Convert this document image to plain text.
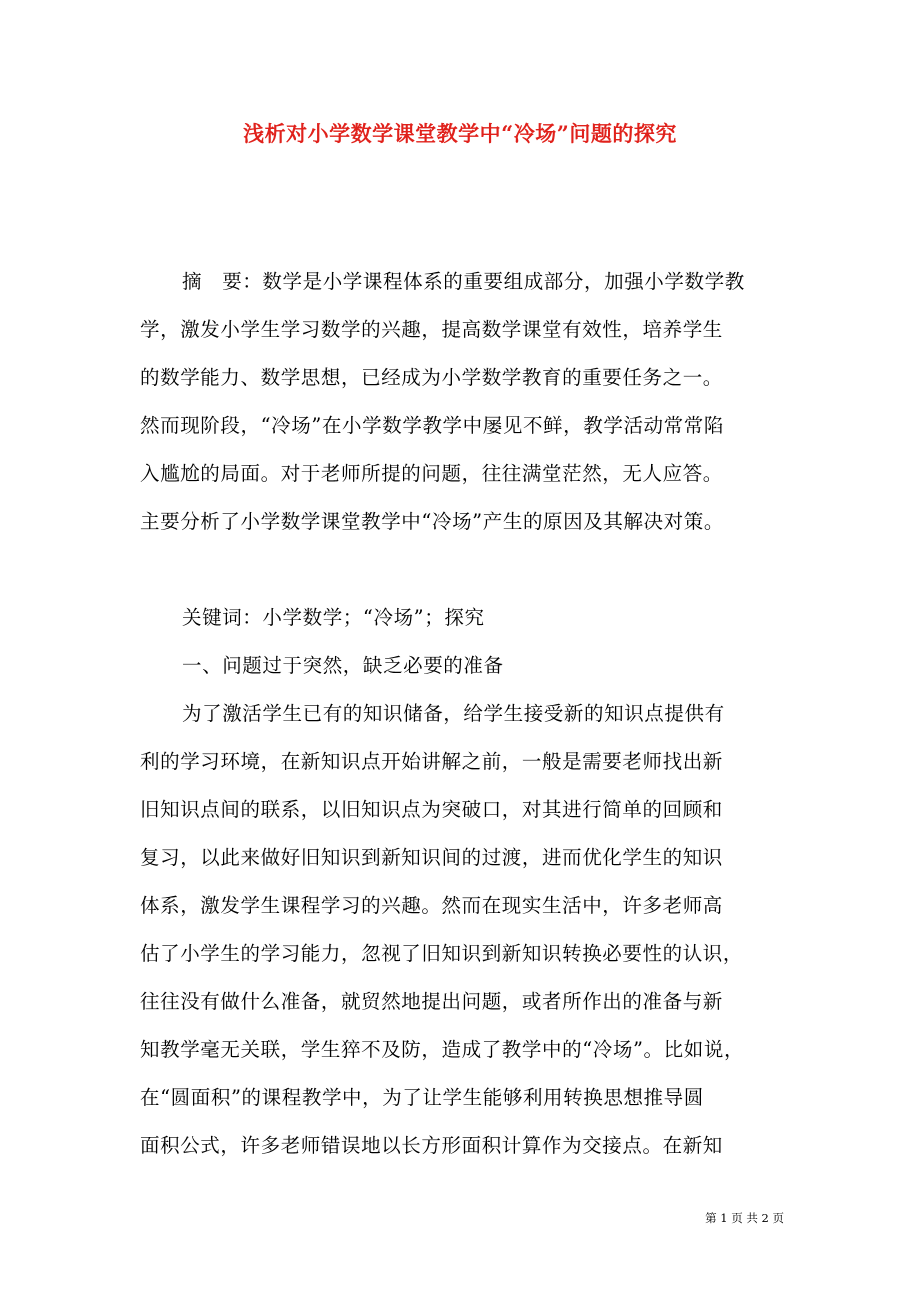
浅析对小学数学课堂教学中“冷场”问题的探究
摘　要：数学是小学课程体系的重要组成部分，加强小学数学教
学，激发小学生学习数学的兴趣，提高数学课堂有效性，培养学生
的数学能力、数学思想，已经成为小学数学教育的重要任务之一。
然而现阶段，“冷场”在小学数学教学中屡见不鲜，教学活动常常陷
入尴尬的局面。对于老师所提的问题，往往满堂茫然，无人应答。
主要分析了小学数学课堂教学中“冷场”产生的原因及其解决对策。
关键词：小学数学；“冷场”；探究
一、问题过于突然，缺乏必要的准备
为了激活学生已有的知识储备，给学生接受新的知识点提供有
利的学习环境，在新知识点开始讲解之前，一般是需要老师找出新
旧知识点间的联系，以旧知识点为突破口，对其进行简单的回顾和
复习，以此来做好旧知识到新知识间的过渡，进而优化学生的知识
体系，激发学生课程学习的兴趣。然而在现实生活中，许多老师高
估了小学生的学习能力，忽视了旧知识到新知识转换必要性的认识，
往往没有做什么准备，就贸然地提出问题，或者所作出的准备与新
知教学毫无关联，学生猝不及防，造成了教学中的“冷场”。比如说，
在“圆面积”的课程教学中，为了让学生能够利用转换思想推导圆
面积公式，许多老师错误地以长方形面积计算作为交接点。在新知
第 1 页 共 2 页
